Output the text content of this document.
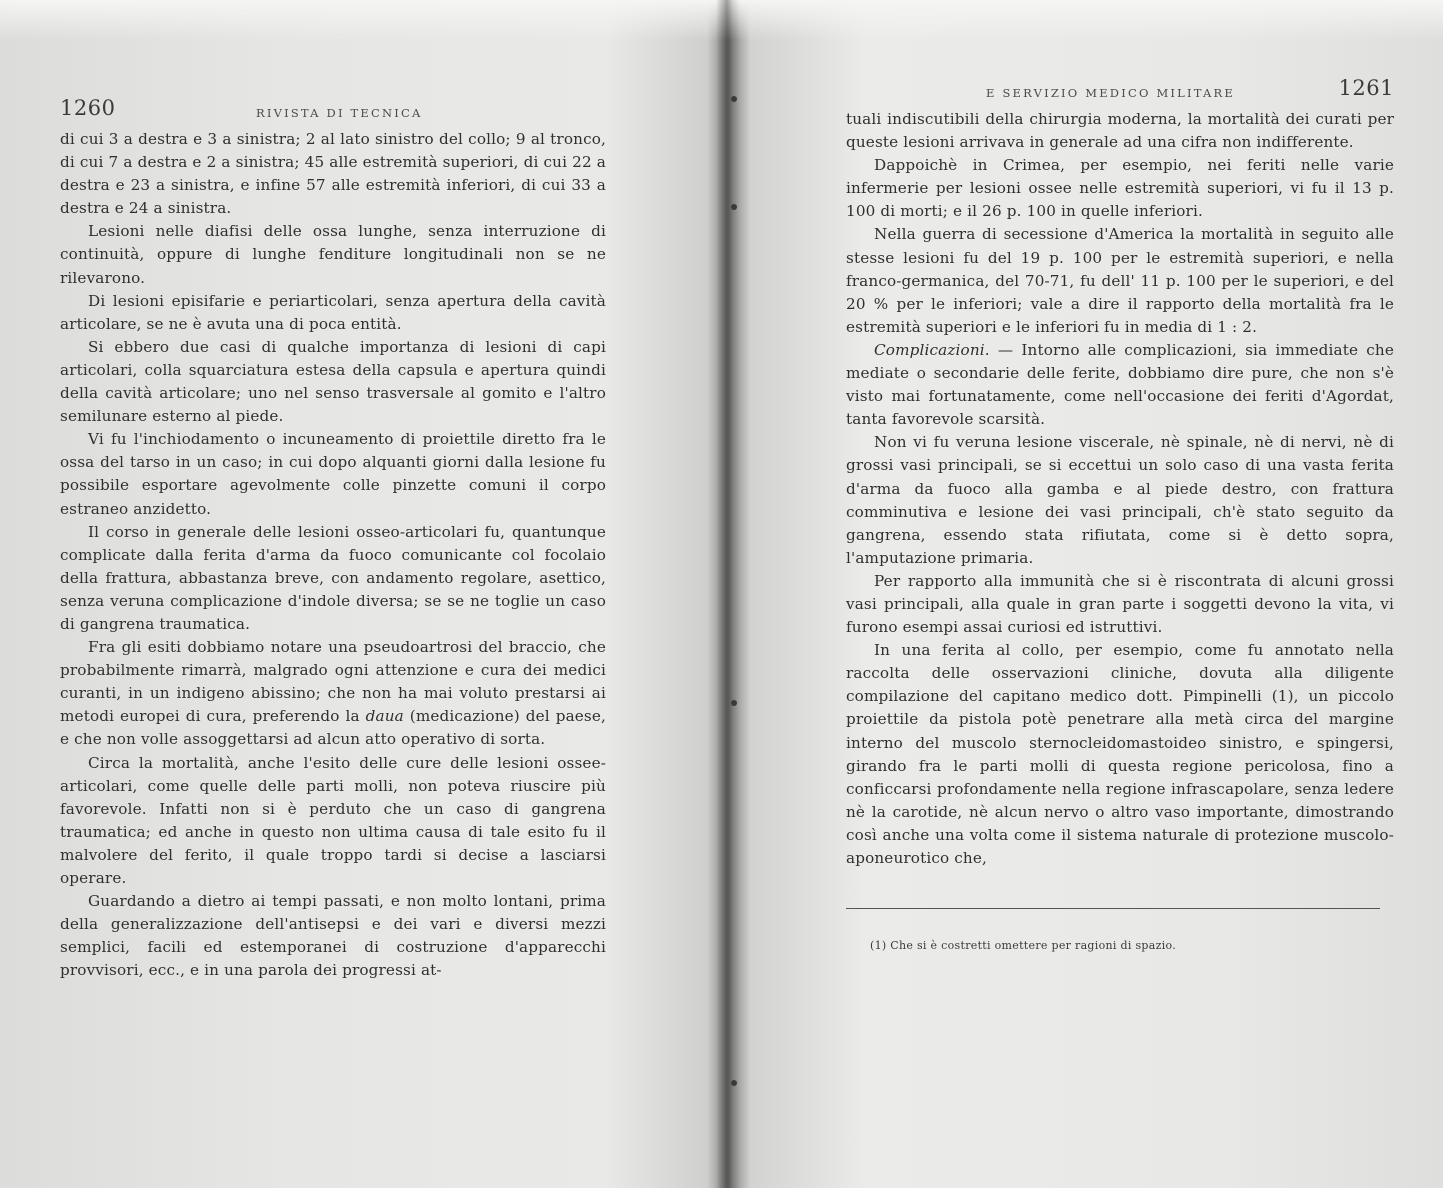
1260	RIVISTA DI TECNICA

di cui 3 a destra e 3 a sinistra; 2 al lato sinistro del collo; 9 al tronco, di cui 7 a destra e 2 a sinistra; 45 alle estremità superiori, di cui 22 a destra e 23 a sinistra, e infine 57 alle estremità inferiori, di cui 33 a destra e 24 a sinistra.

Lesioni nelle diafisi delle ossa lunghe, senza interruzione di continuità, oppure di lunghe fenditure longitudinali non se ne rilevarono.

Di lesioni episifarie e periarticolari, senza apertura della cavità articolare, se ne è avuta una di poca entità.

Si ebbero due casi di qualche importanza di lesioni di capi articolari, colla squarciatura estesa della capsula e apertura quindi della cavità articolare; uno nel senso trasversale al gomito e l'altro semilunare esterno al piede.

Vi fu l'inchiodamento o incuneamento di proiettile diretto fra le ossa del tarso in un caso; in cui dopo alquanti giorni dalla lesione fu possibile esportare agevolmente colle pinzette comuni il corpo estraneo anzidetto.

Il corso in generale delle lesioni osseo-articolari fu, quantunque complicate dalla ferita d'arma da fuoco comunicante col focolaio della frattura, abbastanza breve, con andamento regolare, asettico, senza veruna complicazione d'indole diversa; se se ne toglie un caso di gangrena traumatica.

Fra gli esiti dobbiamo notare una pseudoartrosi del braccio, che probabilmente rimarrà, malgrado ogni attenzione e cura dei medici curanti, in un indigeno abissino; che non ha mai voluto prestarsi ai metodi europei di cura, preferendo la daua (medicazione) del paese, e che non volle assoggettarsi ad alcun atto operativo di sorta.

Circa la mortalità, anche l'esito delle cure delle lesioni ossee-articolari, come quelle delle parti molli, non poteva riuscire più favorevole. Infatti non si è perduto che un caso di gangrena traumatica; ed anche in questo non ultima causa di tale esito fu il malvolere del ferito, il quale troppo tardi si decise a lasciarsi operare.

Guardando a dietro ai tempi passati, e non molto lontani, prima della generalizzazione dell'antisepsi e dei vari e diversi mezzi semplici, facili ed estemporanei di costruzione d'apparecchi provvisori, ecc., e in una parola dei progressi at-

E SERVIZIO MEDICO MILITARE	1261

tuali indiscutibili della chirurgia moderna, la mortalità dei curati per queste lesioni arrivava in generale ad una cifra non indifferente.

Dappoichè in Crimea, per esempio, nei feriti nelle varie infermerie per lesioni ossee nelle estremità superiori, vi fu il 13 p. 100 di morti; e il 26 p. 100 in quelle inferiori.

Nella guerra di secessione d'America la mortalità in seguito alle stesse lesioni fu del 19 p. 100 per le estremità superiori, e nella franco-germanica, del 70-71, fu dell' 11 p. 100 per le superiori, e del 20 % per le inferiori; vale a dire il rapporto della mortalità fra le estremità superiori e le inferiori fu in media di 1 : 2.

Complicazioni. — Intorno alle complicazioni, sia immediate che mediate o secondarie delle ferite, dobbiamo dire pure, che non s'è visto mai fortunatamente, come nell'occasione dei feriti d'Agordat, tanta favorevole scarsità.

Non vi fu veruna lesione viscerale, nè spinale, nè di nervi, nè di grossi vasi principali, se si eccettui un solo caso di una vasta ferita d'arma da fuoco alla gamba e al piede destro, con frattura comminutiva e lesione dei vasi principali, ch'è stato seguito da gangrena, essendo stata rifiutata, come si è detto sopra, l'amputazione primaria.

Per rapporto alla immunità che si è riscontrata di alcuni grossi vasi principali, alla quale in gran parte i soggetti devono la vita, vi furono esempi assai curiosi ed istruttivi.

In una ferita al collo, per esempio, come fu annotato nella raccolta delle osservazioni cliniche, dovuta alla diligente compilazione del capitano medico dott. Pimpinelli (1), un piccolo proiettile da pistola potè penetrare alla metà circa del margine interno del muscolo sternocleidomastoideo sinistro, e spingersi, girando fra le parti molli di questa regione pericolosa, fino a conficcarsi profondamente nella regione infrascapolare, senza ledere nè la carotide, nè alcun nervo o altro vaso importante, dimostrando così anche una volta come il sistema naturale di protezione muscolo-aponeurotico che,

(1) Che si è costretti omettere per ragioni di spazio.
